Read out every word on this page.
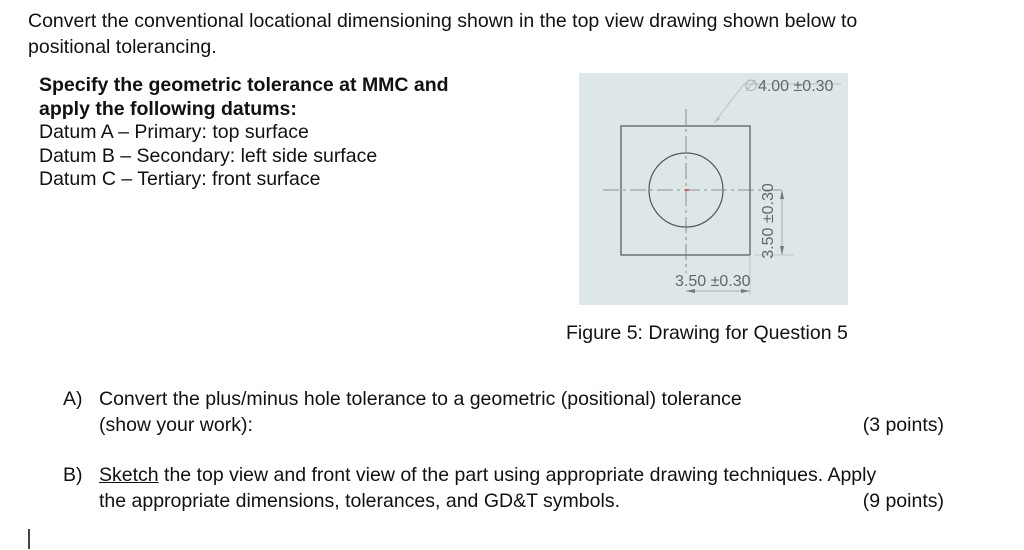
Convert the conventional locational dimensioning shown in the top view drawing shown below to
positional tolerancing.
Specify the geometric tolerance at MMC and
apply the following datums:
Datum A – Primary: top surface
Datum B – Secondary: left side surface
Datum C – Tertiary: front surface
∅4.00 ±0.30
3.50 ±0.30
3.50 ±0.30
Figure 5: Drawing for Question 5
A) Convert the plus/minus hole tolerance to a geometric (positional) tolerance
(show your work):	(3 points)
B) Sketch the top view and front view of the part using appropriate drawing techniques. Apply
the appropriate dimensions, tolerances, and GD&T symbols.	(9 points)
